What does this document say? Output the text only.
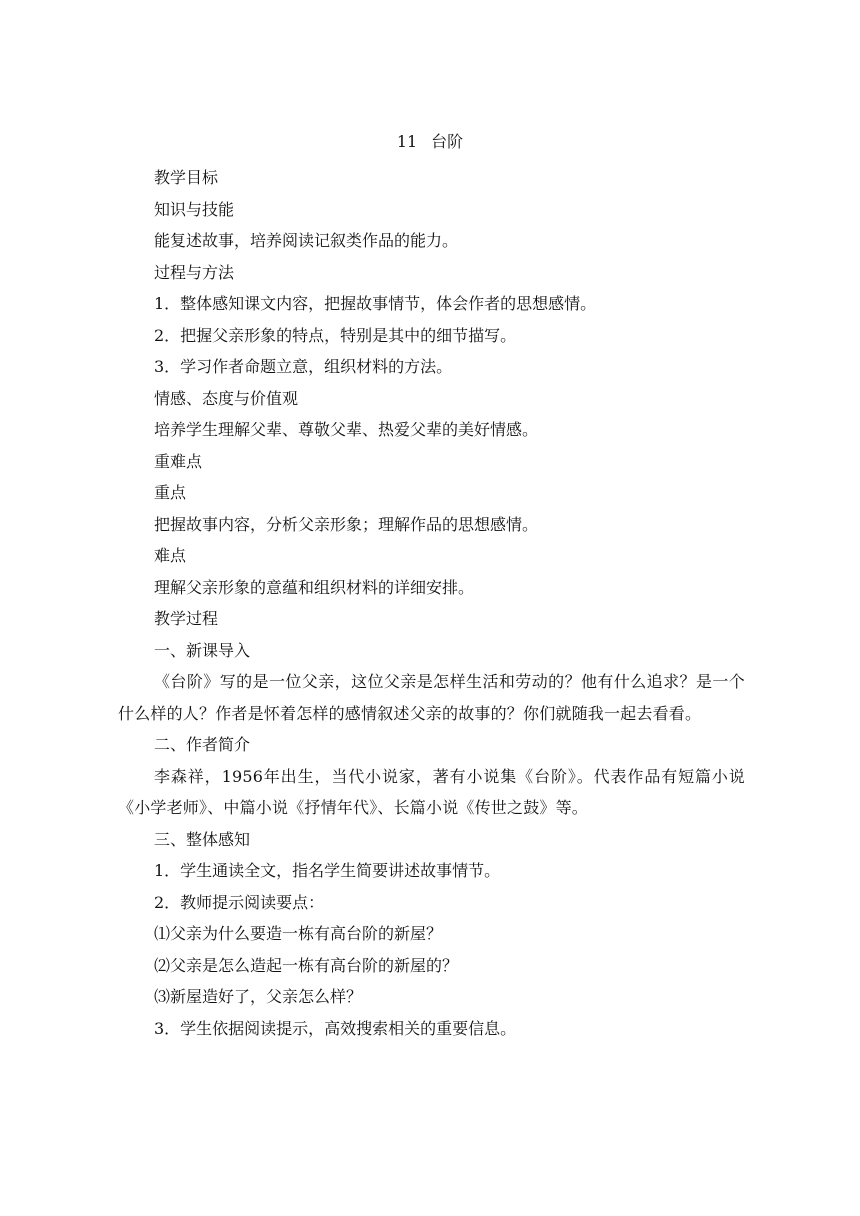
11 台阶

教学目标

知识与技能

能复述故事，培养阅读记叙类作品的能力。

过程与方法

1．整体感知课文内容，把握故事情节，体会作者的思想感情。

2．把握父亲形象的特点，特别是其中的细节描写。

3．学习作者命题立意，组织材料的方法。

情感、态度与价值观

培养学生理解父辈、尊敬父辈、热爱父辈的美好情感。

重难点

重点

把握故事内容，分析父亲形象；理解作品的思想感情。

难点

理解父亲形象的意蕴和组织材料的详细安排。

教学过程

一、新课导入

《台阶》写的是一位父亲，这位父亲是怎样生活和劳动的？他有什么追求？是一个什么样的人？作者是怀着怎样的感情叙述父亲的故事的？你们就随我一起去看看。

二、作者简介

李森祥，1956年出生，当代小说家，著有小说集《台阶》。代表作品有短篇小说《小学老师》、中篇小说《抒情年代》、长篇小说《传世之鼓》等。

三、整体感知

1．学生通读全文，指名学生简要讲述故事情节。

2．教师提示阅读要点：

⑴父亲为什么要造一栋有高台阶的新屋？

⑵父亲是怎么造起一栋有高台阶的新屋的？

⑶新屋造好了，父亲怎么样？

3．学生依据阅读提示，高效搜索相关的重要信息。
